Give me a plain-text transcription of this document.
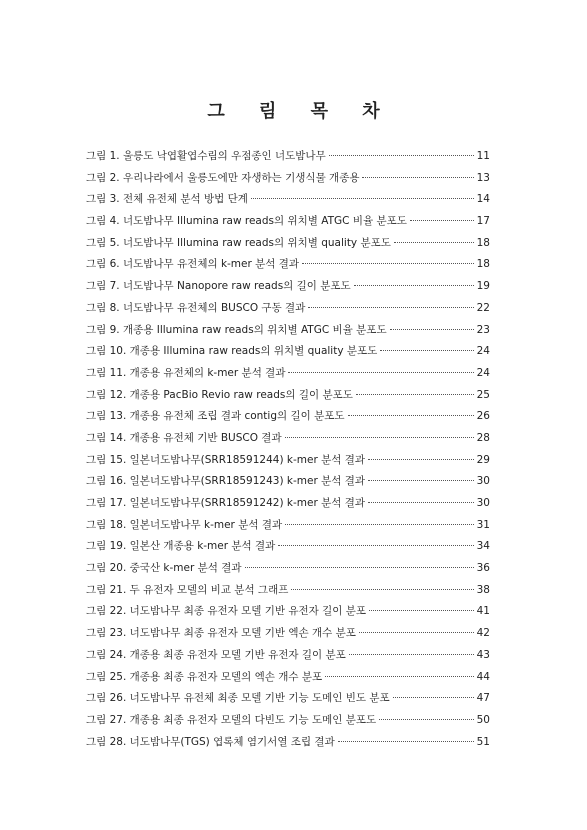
그 림 목 차
그림 1. 울릉도 낙엽활엽수림의 우점종인 너도밤나무	11
그림 2. 우리나라에서 울릉도에만 자생하는 기생식물 개종용	13
그림 3. 전체 유전체 분석 방법 단계	14
그림 4. 너도밤나무 Illumina raw reads의 위치별 ATGC 비율 분포도	17
그림 5. 너도밤나무 Illumina raw reads의 위치별 quality 분포도	18
그림 6. 너도밤나무 유전체의 k-mer 분석 결과	18
그림 7. 너도밤나무 Nanopore raw reads의 길이 분포도	19
그림 8. 너도밤나무 유전체의 BUSCO 구동 결과	22
그림 9. 개종용 Illumina raw reads의 위치별 ATGC 비율 분포도	23
그림 10. 개종용 Illumina raw reads의 위치별 quality 분포도	24
그림 11. 개종용 유전체의 k-mer 분석 결과	24
그림 12. 개종용 PacBio Revio raw reads의 길이 분포도	25
그림 13. 개종용 유전체 조립 결과 contig의 길이 분포도	26
그림 14. 개종용 유전체 기반 BUSCO 결과	28
그림 15. 일본너도밤나무(SRR18591244) k-mer 분석 결과	29
그림 16. 일본너도밤나무(SRR18591243) k-mer 분석 결과	30
그림 17. 일본너도밤나무(SRR18591242) k-mer 분석 결과	30
그림 18. 일본너도밤나무 k-mer 분석 결과	31
그림 19. 일본산 개종용 k-mer 분석 결과	34
그림 20. 중국산 k-mer 분석 결과	36
그림 21. 두 유전자 모델의 비교 분석 그래프	38
그림 22. 너도밤나무 최종 유전자 모델 기반 유전자 길이 분포	41
그림 23. 너도밤나무 최종 유전자 모델 기반 엑손 개수 분포	42
그림 24. 개종용 최종 유전자 모델 기반 유전자 길이 분포	43
그림 25. 개종용 최종 유전자 모델의 엑손 개수 분포	44
그림 26. 너도밤나무 유전체 최종 모델 기반 기능 도메인 빈도 분포	47
그림 27. 개종용 최종 유전자 모델의 다빈도 기능 도메인 분포도	50
그림 28. 너도밤나무(TGS) 엽록체 염기서열 조립 결과	51
